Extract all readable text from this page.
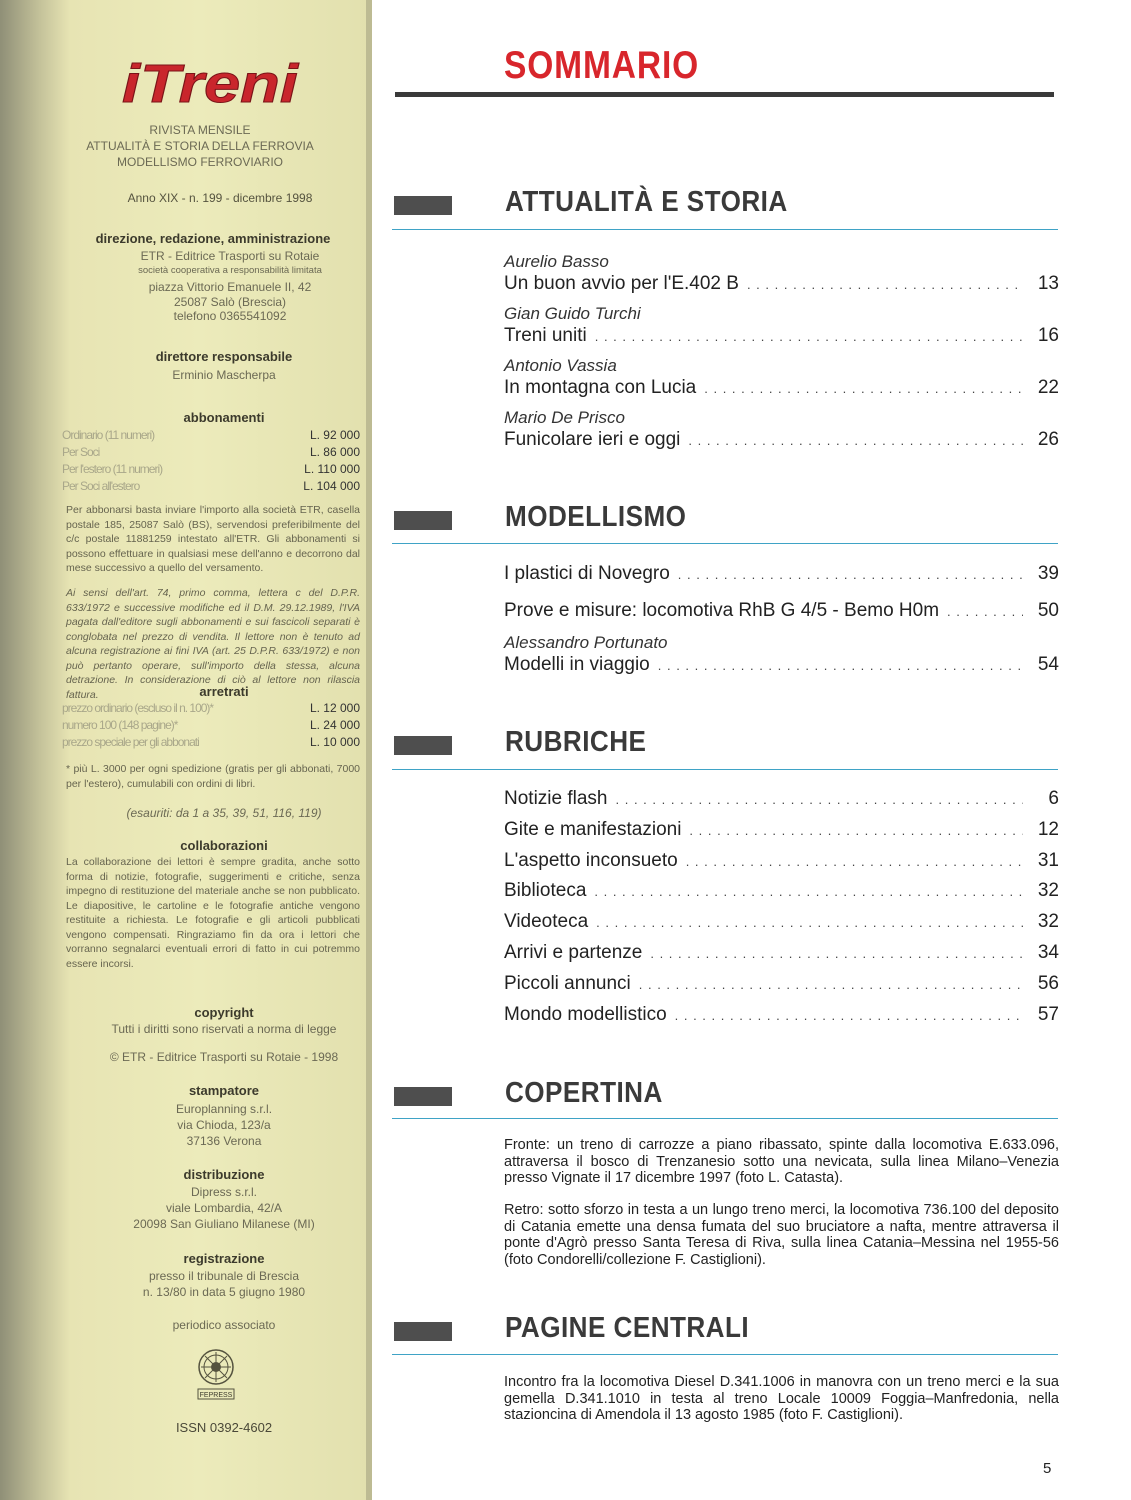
iTreni
RIVISTA MENSILE
ATTUALITÀ E STORIA DELLA FERROVIA
MODELLISMO FERROVIARIO
Anno XIX - n. 199 - dicembre 1998
direzione, redazione, amministrazione
ETR - Editrice Trasporti su Rotaie
società cooperativa a responsabilità limitata
piazza Vittorio Emanuele II, 42
25087 Salò (Brescia)
telefono 0365541092
direttore responsabile
Erminio Mascherpa
abbonamenti
Ordinario (11 numeri)	L. 92 000
Per Soci	L. 86 000
Per l'estero (11 numeri)	L. 110 000
Per Soci all'estero	L. 104 000
Per abbonarsi basta inviare l'importo alla società ETR, casella postale 185, 25087 Salò (BS), servendosi preferibilmente del c/c postale 11881259 intestato all'ETR. Gli abbonamenti si possono effettuare in qualsiasi mese dell'anno e decorrono dal mese successivo a quello del versamento.
Ai sensi dell'art. 74, primo comma, lettera c del D.P.R. 633/1972 e successive modifiche ed il D.M. 29.12.1989, l'IVA pagata dall'editore sugli abbonamenti e sui fascicoli separati è conglobata nel prezzo di vendita. Il lettore non è tenuto ad alcuna registrazione ai fini IVA (art. 25 D.P.R. 633/1972) e non può pertanto operare, sull'importo della stessa, alcuna detrazione. In considerazione di ciò al lettore non rilascia fattura.	arretrati
prezzo ordinario (escluso il n. 100)*	L. 12 000
numero 100 (148 pagine)*	L. 24 000
prezzo speciale per gli abbonati	L. 10 000
* più L. 3000 per ogni spedizione (gratis per gli abbonati, 7000 per l'estero), cumulabili con ordini di libri.
(esauriti: da 1 a 35, 39, 51, 116, 119)
collaborazioni
La collaborazione dei lettori è sempre gradita, anche sotto forma di notizie, fotografie, suggerimenti e critiche, senza impegno di restituzione del materiale anche se non pubblicato. Le diapositive, le cartoline e le fotografie antiche vengono restituite a richiesta. Le fotografie e gli articoli pubblicati vengono compensati. Ringraziamo fin da ora i lettori che vorranno segnalarci eventuali errori di fatto in cui potremmo essere incorsi.
copyright
Tutti i diritti sono riservati a norma di legge
© ETR - Editrice Trasporti su Rotaie - 1998
stampatore
Europlanning s.r.l.
via Chioda, 123/a
37136 Verona
distribuzione
Dipress s.r.l.
viale Lombardia, 42/A
20098 San Giuliano Milanese (MI)
registrazione
presso il tribunale di Brescia
n. 13/80 in data 5 giugno 1980
periodico associato
FEPRESS
ISSN 0392-4602
SOMMARIO
ATTUALITÀ E STORIA
Aurelio Basso
Un buon avvio per l'E.402 B . . .	13
Gian Guido Turchi
Treni uniti . . .	16
Antonio Vassia
In montagna con Lucia . . .	22
Mario De Prisco
Funicolare ieri e oggi . . .	26
MODELLISMO
I plastici di Novegro . . .	39
Prove e misure: locomotiva RhB G 4/5 - Bemo H0m . . .	50
Alessandro Portunato
Modelli in viaggio . . .	54
RUBRICHE
Notizie flash . . .	6
Gite e manifestazioni . . .	12
L'aspetto inconsueto . . .	31
Biblioteca . . .	32
Videoteca . . .	32
Arrivi e partenze . . .	34
Piccoli annunci . . .	56
Mondo modellistico . . .	57
COPERTINA
Fronte: un treno di carrozze a piano ribassato, spinte dalla locomotiva E.633.096, attraversa il bosco di Trenzanesio sotto una nevicata, sulla linea Milano–Venezia presso Vignate il 17 dicembre 1997 (foto L. Catasta).
Retro: sotto sforzo in testa a un lungo treno merci, la locomotiva 736.100 del deposito di Catania emette una densa fumata del suo bruciatore a nafta, mentre attraversa il ponte d'Agrò presso Santa Teresa di Riva, sulla linea Catania–Messina nel 1955-56 (foto Condorelli/collezione F. Castiglioni).
PAGINE CENTRALI
Incontro fra la locomotiva Diesel D.341.1006 in manovra con un treno merci e la sua gemella D.341.1010 in testa al treno Locale 10009 Foggia–Manfredonia, nella stazioncina di Amendola il 13 agosto 1985 (foto F. Castiglioni).
5
